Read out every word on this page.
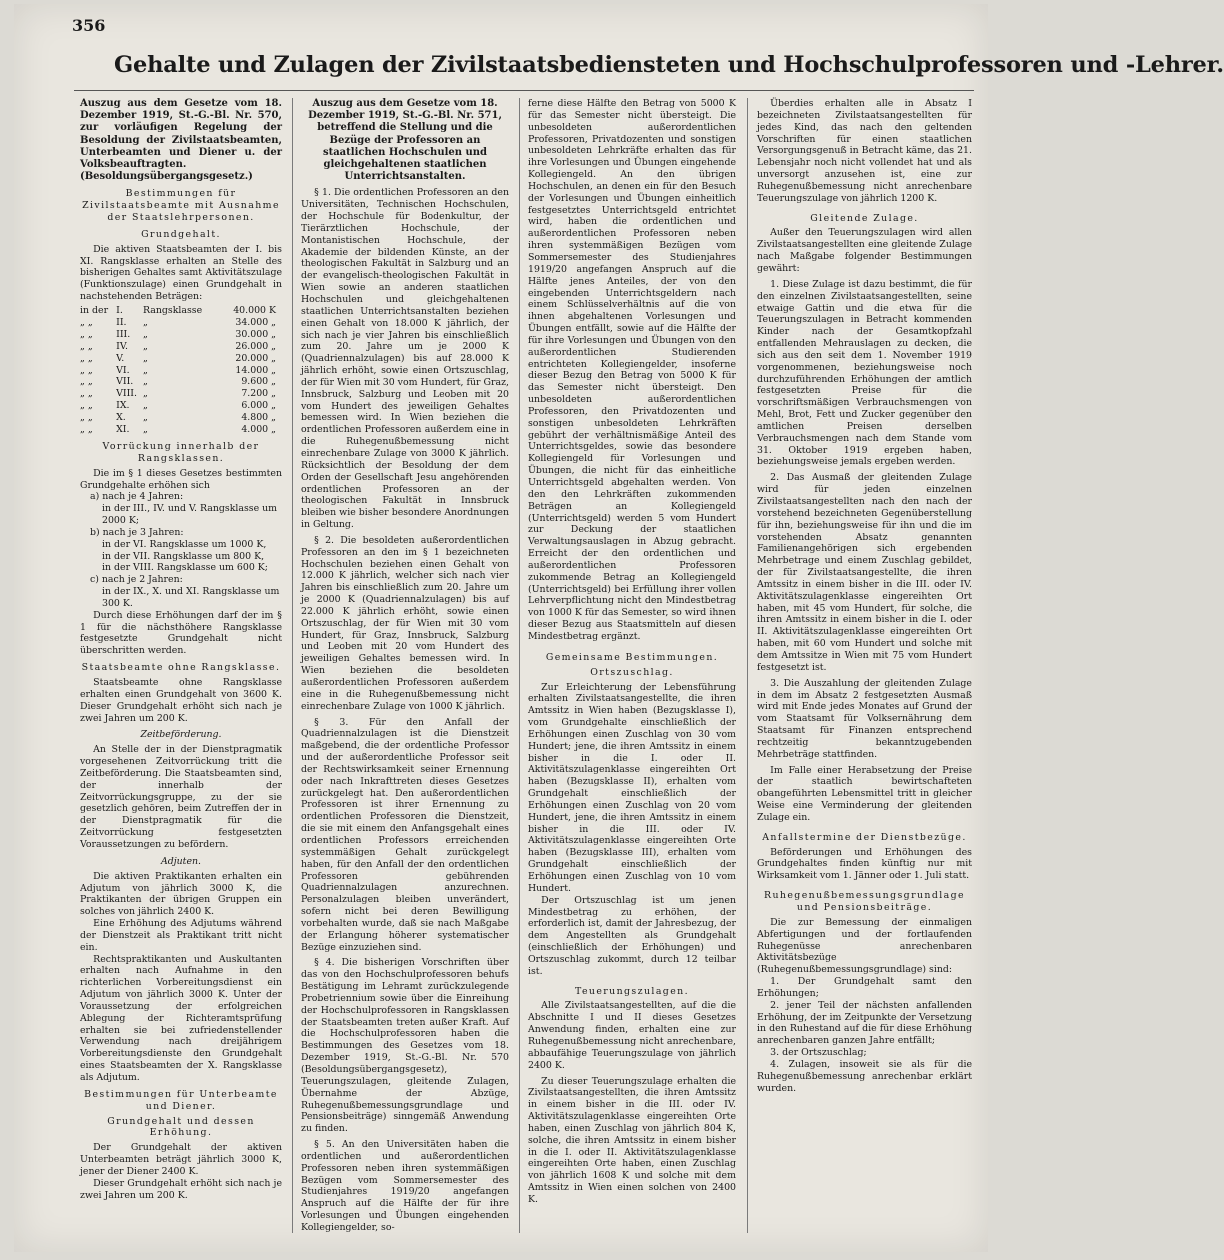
356
Gehalte und Zulagen der Zivilstaatsbediensteten und Hochschulprofessoren und -Lehrer.

Auszug aus dem Gesetze vom 18. Dezember 1919, St.-G.-Bl. Nr. 570, zur vorläufigen Regelung der Besoldung der Zivilstaatsbeamten, Unterbeamten und Diener u. der Volksbeauftragten. (Besoldungsübergangsgesetz.)

Bestimmungen für Zivilstaatsbeamte mit Ausnahme der Staatslehrpersonen.

Grundgehalt.

Die aktiven Staatsbeamten der I. bis XI. Rangsklasse erhalten an Stelle des bisherigen Gehaltes samt Aktivitätszulage (Funktionszulage) einen Grundgehalt in nachstehenden Beträgen:

in der	I.	Rangsklasse	40.000 K
„ „	II.	„	34.000 „
„ „	III.	„	30.000 „
„ „	IV.	„	26.000 „
„ „	V.	„	20.000 „
„ „	VI.	„	14.000 „
„ „	VII.	„	9.600 „
„ „	VIII.	„	7.200 „
„ „	IX.	„	6.000 „
„ „	X.	„	4.800 „
„ „	XI.	„	4.000 „

Vorrückung innerhalb der Rangsklassen.

Die im § 1 dieses Gesetzes bestimmten Grundgehalte erhöhen sich

a) nach je 4 Jahren:

in der III., IV. und V. Rangsklasse um 2000 K;

b) nach je 3 Jahren:

in der VI. Rangsklasse um 1000 K,

in der VII. Rangsklasse um 800 K,

in der VIII. Rangsklasse um 600 K;

c) nach je 2 Jahren:

in der IX., X. und XI. Rangsklasse um 300 K.

Durch diese Erhöhungen darf der im § 1 für die nächsthöhere Rangsklasse festgesetzte Grundgehalt nicht überschritten werden.

Staatsbeamte ohne Rangsklasse.

Staatsbeamte ohne Rangsklasse erhalten einen Grundgehalt von 3600 K. Dieser Grundgehalt erhöht sich nach je zwei Jahren um 200 K.

Zeitbeförderung.

An Stelle der in der Dienstpragmatik vorgesehenen Zeitvorrückung tritt die Zeitbeförderung. Die Staatsbeamten sind, der innerhalb der Zeitvorrückungsgruppe, zu der sie gesetzlich gehören, beim Zutreffen der in der Dienstpragmatik für die Zeitvorrückung festgesetzten Voraussetzungen zu befördern.

Adjuten.

Die aktiven Praktikanten erhalten ein Adjutum von jährlich 3000 K, die Praktikanten der übrigen Gruppen ein solches von jährlich 2400 K.

Eine Erhöhung des Adjutums während der Dienstzeit als Praktikant tritt nicht ein.

Rechtspraktikanten und Auskultanten erhalten nach Aufnahme in den richterlichen Vorbereitungsdienst ein Adjutum von jährlich 3000 K. Unter der Voraussetzung der erfolgreichen Ablegung der Richteramtsprüfung erhalten sie bei zufriedenstellender Verwendung nach dreijährigem Vorbereitungsdienste den Grundgehalt eines Staatsbeamten der X. Rangsklasse als Adjutum.

Bestimmungen für Unterbeamte und Diener.

Grundgehalt und dessen Erhöhung.

Der Grundgehalt der aktiven Unterbeamten beträgt jährlich 3000 K, jener der Diener 2400 K.

Dieser Grundgehalt erhöht sich nach je zwei Jahren um 200 K.

Auszug aus dem Gesetze vom 18. Dezember 1919, St.-G.-Bl. Nr. 571, betreffend die Stellung und die Bezüge der Professoren an staatlichen Hochschulen und gleichgehaltenen staatlichen Unterrichtsanstalten.

§ 1. Die ordentlichen Professoren an den Universitäten, Technischen Hochschulen, der Hochschule für Bodenkultur, der Tierärztlichen Hochschule, der Montanistischen Hochschule, der Akademie der bildenden Künste, an der theologischen Fakultät in Salzburg und an der evangelisch-theologischen Fakultät in Wien sowie an anderen staatlichen Hochschulen und gleichgehaltenen staatlichen Unterrichtsanstalten beziehen einen Gehalt von 18.000 K jährlich, der sich nach je vier Jahren bis einschließlich zum 20. Jahre um je 2000 K (Quadriennalzulagen) bis auf 28.000 K jährlich erhöht, sowie einen Ortszuschlag, der für Wien mit 30 vom Hundert, für Graz, Innsbruck, Salzburg und Leoben mit 20 vom Hundert des jeweiligen Gehaltes bemessen wird. In Wien beziehen die ordentlichen Professoren außerdem eine in die Ruhegenußbemessung nicht einrechenbare Zulage von 3000 K jährlich. Rücksichtlich der Besoldung der dem Orden der Gesellschaft Jesu angehörenden ordentlichen Professoren an der theologischen Fakultät in Innsbruck bleiben wie bisher besondere Anordnungen in Geltung.

§ 2. Die besoldeten außerordentlichen Professoren an den im § 1 bezeichneten Hochschulen beziehen einen Gehalt von 12.000 K jährlich, welcher sich nach vier Jahren bis einschließlich zum 20. Jahre um je 2000 K (Quadriennalzulagen) bis auf 22.000 K jährlich erhöht, sowie einen Ortszuschlag, der für Wien mit 30 vom Hundert, für Graz, Innsbruck, Salzburg und Leoben mit 20 vom Hundert des jeweiligen Gehaltes bemessen wird. In Wien beziehen die besoldeten außerordentlichen Professoren außerdem eine in die Ruhegenußbemessung nicht einrechenbare Zulage von 1000 K jährlich.

§ 3. Für den Anfall der Quadriennalzulagen ist die Dienstzeit maßgebend, die der ordentliche Professor und der außerordentliche Professor seit der Rechtswirksamkeit seiner Ernennung oder nach Inkrafttreten dieses Gesetzes zurückgelegt hat. Den außerordentlichen Professoren ist ihrer Ernennung zu ordentlichen Professoren die Dienstzeit, die sie mit einem den Anfangsgehalt eines ordentlichen Professors erreichenden systemmäßigen Gehalt zurückgelegt haben, für den Anfall der den ordentlichen Professoren gebührenden Quadriennalzulagen anzurechnen. Personalzulagen bleiben unverändert, sofern nicht bei deren Bewilligung vorbehalten wurde, daß sie nach Maßgabe der Erlangung höherer systematischer Bezüge einzuziehen sind.

§ 4. Die bisherigen Vorschriften über das von den Hochschulprofessoren behufs Bestätigung im Lehramt zurückzulegende Probetriennium sowie über die Einreihung der Hochschulprofessoren in Rangsklassen der Staatsbeamten treten außer Kraft. Auf die Hochschulprofessoren haben die Bestimmungen des Gesetzes vom 18. Dezember 1919, St.-G.-Bl. Nr. 570 (Besoldungsübergangsgesetz), Teuerungszulagen, gleitende Zulagen, Übernahme der Abzüge, Ruhegenußbemessungsgrundlage und Pensionsbeiträge) sinngemäß Anwendung zu finden.

§ 5. An den Universitäten haben die ordentlichen und außerordentlichen Professoren neben ihren systemmäßigen Bezügen vom Sommersemester des Studienjahres 1919/20 angefangen Anspruch auf die Hälfte der für ihre Vorlesungen und Übungen eingehenden Kollegiengelder, so-

ferne diese Hälfte den Betrag von 5000 K für das Semester nicht übersteigt. Die unbesoldeten außerordentlichen Professoren, Privatdozenten und sonstigen unbesoldeten Lehrkräfte erhalten das für ihre Vorlesungen und Übungen eingehende Kollegiengeld. An den übrigen Hochschulen, an denen ein für den Besuch der Vorlesungen und Übungen einheitlich festgesetztes Unterrichtsgeld entrichtet wird, haben die ordentlichen und außerordentlichen Professoren neben ihren systemmäßigen Bezügen vom Sommersemester des Studienjahres 1919/20 angefangen Anspruch auf die Hälfte jenes Anteiles, der von den eingebenden Unterrichtsgeldern nach einem Schlüsselverhältnis auf die von ihnen abgehaltenen Vorlesungen und Übungen entfällt, sowie auf die Hälfte der für ihre Vorlesungen und Übungen von den außerordentlichen Studierenden entrichteten Kollegiengelder, insoferne dieser Bezug den Betrag von 5000 K für das Semester nicht übersteigt. Den unbesoldeten außerordentlichen Professoren, den Privatdozenten und sonstigen unbesoldeten Lehrkräften gebührt der verhältnismäßige Anteil des Unterrichtsgeldes, sowie das besondere Kollegiengeld für Vorlesungen und Übungen, die nicht für das einheitliche Unterrichtsgeld abgehalten werden. Von den den Lehrkräften zukommenden Beträgen an Kollegiengeld (Unterrichtsgeld) werden 5 vom Hundert zur Deckung der staatlichen Verwaltungsauslagen in Abzug gebracht. Erreicht der den ordentlichen und außerordentlichen Professoren zukommende Betrag an Kollegiengeld (Unterrichtsgeld) bei Erfüllung ihrer vollen Lehrverpflichtung nicht den Mindestbetrag von 1000 K für das Semester, so wird ihnen dieser Bezug aus Staatsmitteln auf diesen Mindestbetrag ergänzt.

Gemeinsame Bestimmungen.

Ortszuschlag.

Zur Erleichterung der Lebensführung erhalten Zivilstaatsangestellte, die ihren Amtssitz in Wien haben (Bezugsklasse I), vom Grundgehalte einschließlich der Erhöhungen einen Zuschlag von 30 vom Hundert; jene, die ihren Amtssitz in einem bisher in die I. oder II. Aktivitätszulagenklasse eingereihten Ort haben (Bezugsklasse II), erhalten vom Grundgehalt einschließlich der Erhöhungen einen Zuschlag von 20 vom Hundert, jene, die ihren Amtssitz in einem bisher in die III. oder IV. Aktivitätszulagenklasse eingereihten Orte haben (Bezugsklasse III), erhalten vom Grundgehalt einschließlich der Erhöhungen einen Zuschlag von 10 vom Hundert.

Der Ortszuschlag ist um jenen Mindestbetrag zu erhöhen, der erforderlich ist, damit der Jahresbezug, der dem Angestellten als Grundgehalt (einschließlich der Erhöhungen) und Ortszuschlag zukommt, durch 12 teilbar ist.

Teuerungszulagen.

Alle Zivilstaatsangestellten, auf die die Abschnitte I und II dieses Gesetzes Anwendung finden, erhalten eine zur Ruhegenußbemessung nicht anrechenbare, abbaufähige Teuerungszulage von jährlich 2400 K.

Zu dieser Teuerungszulage erhalten die Zivilstaatsangestellten, die ihren Amtssitz in einem bisher in die III. oder IV. Aktivitätszulagenklasse eingereihten Orte haben, einen Zuschlag von jährlich 804 K, solche, die ihren Amtssitz in einem bisher in die I. oder II. Aktivitätszulagenklasse eingereihten Orte haben, einen Zuschlag von jährlich 1608 K und solche mit dem Amtssitz in Wien einen solchen von 2400 K.

Überdies erhalten alle in Absatz I bezeichneten Zivilstaatsangestellten für jedes Kind, das nach den geltenden Vorschriften für einen staatlichen Versorgungsgenuß in Betracht käme, das 21. Lebensjahr noch nicht vollendet hat und als unversorgt anzusehen ist, eine zur Ruhegenußbemessung nicht anrechenbare Teuerungszulage von jährlich 1200 K.

Gleitende Zulage.

Außer den Teuerungszulagen wird allen Zivilstaatsangestellten eine gleitende Zulage nach Maßgabe folgender Bestimmungen gewährt:

1. Diese Zulage ist dazu bestimmt, die für den einzelnen Zivilstaatsangestellten, seine etwaige Gattin und die etwa für die Teuerungszulagen in Betracht kommenden Kinder nach der Gesamtkopfzahl entfallenden Mehrauslagen zu decken, die sich aus den seit dem 1. November 1919 vorgenommenen, beziehungsweise noch durchzuführenden Erhöhungen der amtlich festgesetzten Preise für die vorschriftsmäßigen Verbrauchsmengen von Mehl, Brot, Fett und Zucker gegenüber den amtlichen Preisen derselben Verbrauchsmengen nach dem Stande vom 31. Oktober 1919 ergeben haben, beziehungsweise jemals ergeben werden.

2. Das Ausmaß der gleitenden Zulage wird für jeden einzelnen Zivilstaatsangestellten nach den nach der vorstehend bezeichneten Gegenüberstellung für ihn, beziehungsweise für ihn und die im vorstehenden Absatz genannten Familienangehörigen sich ergebenden Mehrbetrage und einem Zuschlag gebildet, der für Zivilstaatsangestellte, die ihren Amtssitz in einem bisher in die III. oder IV. Aktivitätszulagenklasse eingereihten Ort haben, mit 45 vom Hundert, für solche, die ihren Amtssitz in einem bisher in die I. oder II. Aktivitätszulagenklasse eingereihten Ort haben, mit 60 vom Hundert und solche mit dem Amtssitze in Wien mit 75 vom Hundert festgesetzt ist.

3. Die Auszahlung der gleitenden Zulage in dem im Absatz 2 festgesetzten Ausmaß wird mit Ende jedes Monates auf Grund der vom Staatsamt für Volksernährung dem Staatsamt für Finanzen entsprechend rechtzeitig bekanntzugebenden Mehrbeträge stattfinden.

Im Falle einer Herabsetzung der Preise der staatlich bewirtschafteten obangeführten Lebensmittel tritt in gleicher Weise eine Verminderung der gleitenden Zulage ein.

Anfallstermine der Dienstbezüge.

Beförderungen und Erhöhungen des Grundgehaltes finden künftig nur mit Wirksamkeit vom 1. Jänner oder 1. Juli statt.

Ruhegenußbemessungsgrundlage und Pensionsbeiträge.

Die zur Bemessung der einmaligen Abfertigungen und der fortlaufenden Ruhegenüsse anrechenbaren Aktivitätsbezüge (Ruhegenußbemessungsgrundlage) sind:

1. Der Grundgehalt samt den Erhöhungen;

2. jener Teil der nächsten anfallenden Erhöhung, der im Zeitpunkte der Versetzung in den Ruhestand auf die für diese Erhöhung anrechenbaren ganzen Jahre entfällt;

3. der Ortszuschlag;

4. Zulagen, insoweit sie als für die Ruhegenußbemessung anrechenbar erklärt wurden.
